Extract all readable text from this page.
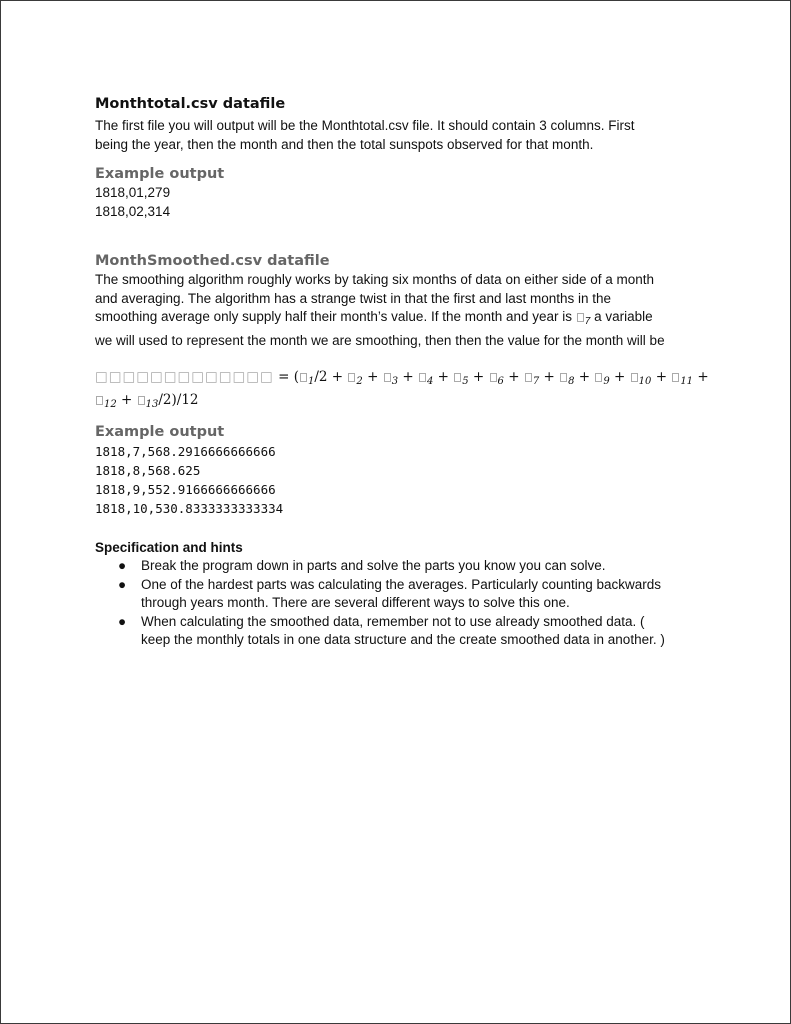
Monthtotal.csv datafile

The first file you will output will be the Monthtotal.csv file. It should contain 3 columns. First
being the year, then the month and then the total sunspots observed for that month.

Example output
1818,01,279
1818,02,314
MonthSmoothed.csv datafile

The smoothing algorithm roughly works by taking six months of data on either side of a month
and averaging. The algorithm has a strange twist in that the first and last months in the
smoothing average only supply half their month’s value. If the month and year is $_7$ a variable
we will used to represent the month we are smoothing, then then the value for the month will be

□□□□□□□□□□□□□ = ( $_1$/2 + $_2$ + $_3$ + $_4$ + $_5$ + $_6$ + $_7$ + $_8$ + $_9$ + $_{10}$ + $_{11}$ +
$_{12}$ + $_{13}$/2)/12
Example output
1818,7,568.2916666666666
1818,8,568.625
1818,9,552.9166666666666
1818,10,530.8333333333334
Specification and hints
● Break the program down in parts and solve the parts you know you can solve.
● One of the hardest parts was calculating the averages. Particularly counting backwards
through years month. There are several different ways to solve this one.
● When calculating the smoothed data, remember not to use already smoothed data. (
keep the monthly totals in one data structure and the create smoothed data in another. )
